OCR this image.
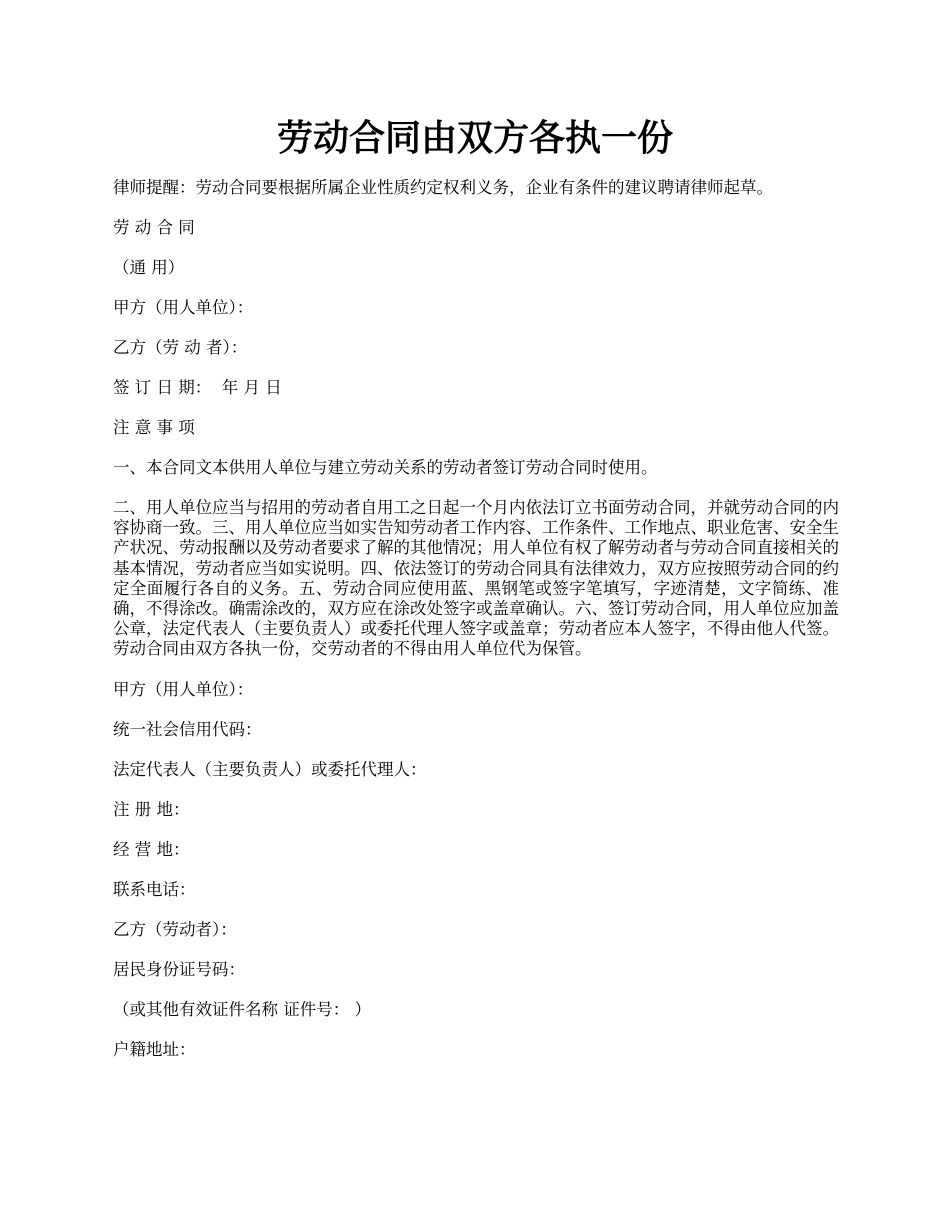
劳动合同由双方各执一份

律师提醒：劳动合同要根据所属企业性质约定权利义务，企业有条件的建议聘请律师起草。

劳 动 合 同

（通 用）

甲方（用人单位）：

乙方（劳 动 者）：

签 订 日 期：  年 月 日

注 意 事 项

一、本合同文本供用人单位与建立劳动关系的劳动者签订劳动合同时使用。

二、用人单位应当与招用的劳动者自用工之日起一个月内依法订立书面劳动合同，并就劳动合同的内容协商一致。三、用人单位应当如实告知劳动者工作内容、工作条件、工作地点、职业危害、安全生产状况、劳动报酬以及劳动者要求了解的其他情况；用人单位有权了解劳动者与劳动合同直接相关的基本情况，劳动者应当如实说明。四、依法签订的劳动合同具有法律效力，双方应按照劳动合同的约定全面履行各自的义务。五、劳动合同应使用蓝、黑钢笔或签字笔填写，字迹清楚，文字简练、准确，不得涂改。确需涂改的，双方应在涂改处签字或盖章确认。六、签订劳动合同，用人单位应加盖公章，法定代表人（主要负责人）或委托代理人签字或盖章；劳动者应本人签字，不得由他人代签。劳动合同由双方各执一份，交劳动者的不得由用人单位代为保管。

甲方（用人单位）：

统一社会信用代码：

法定代表人（主要负责人）或委托代理人：

注 册 地：

经 营 地：

联系电话：

乙方（劳动者）：

居民身份证号码：

（或其他有效证件名称 证件号： ）

户籍地址：
